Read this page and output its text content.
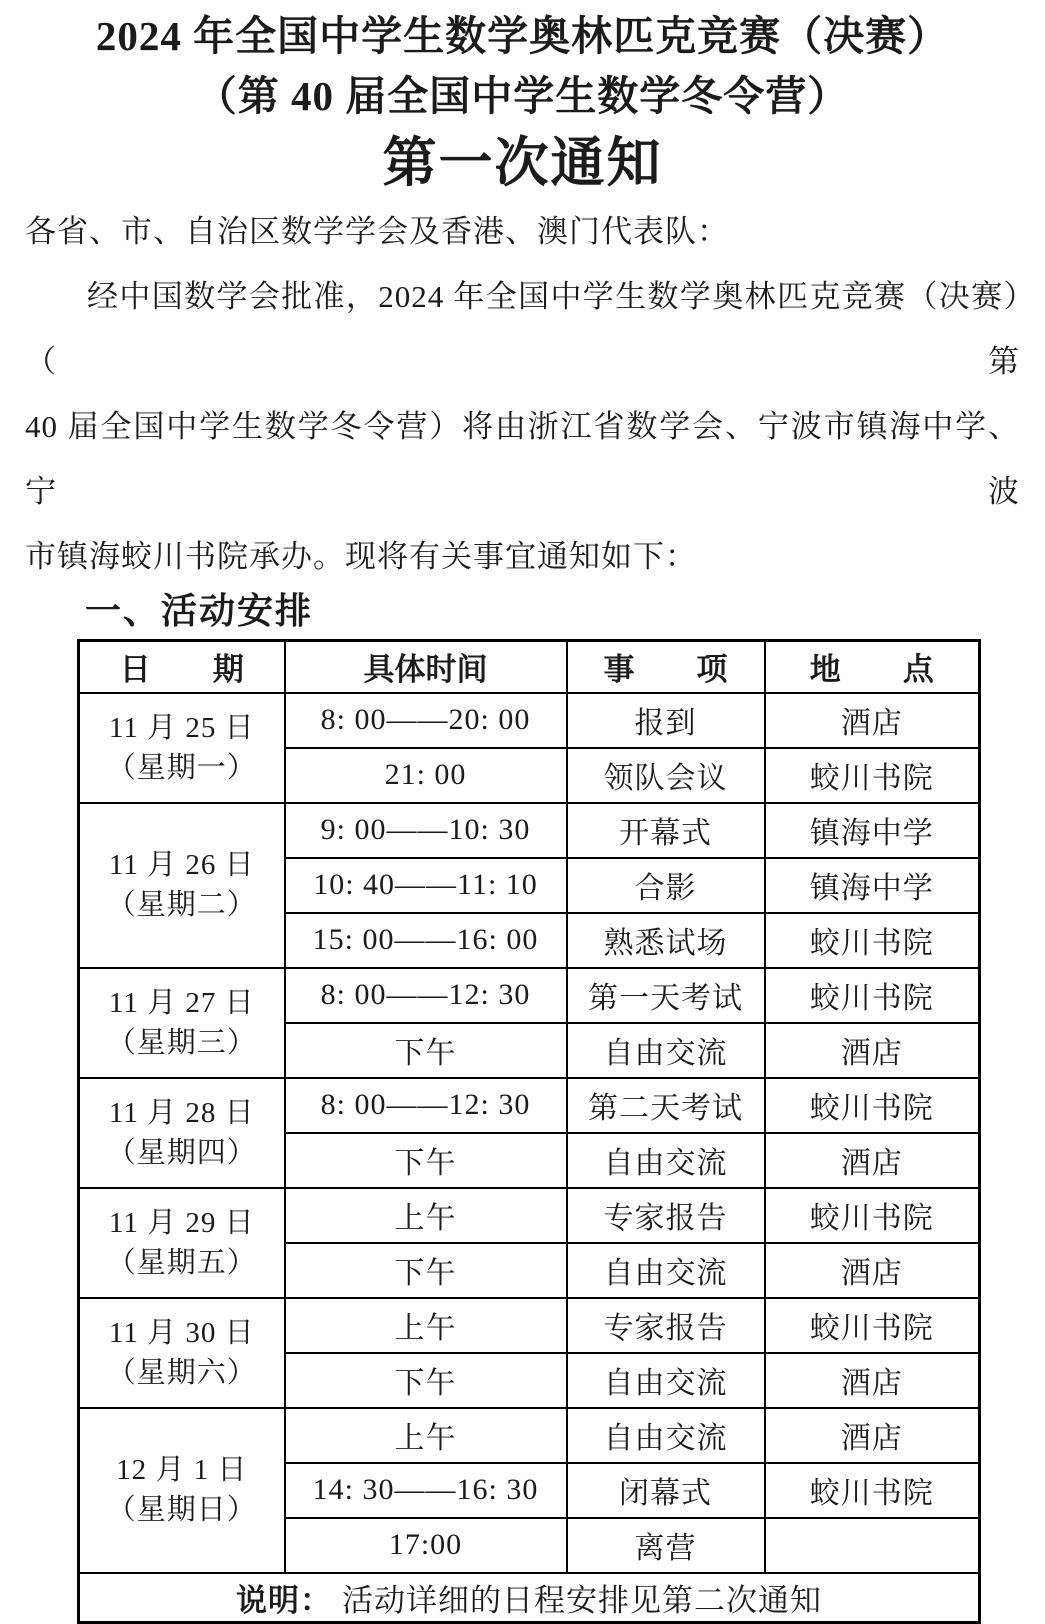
2024 年全国中学生数学奥林匹克竞赛（决赛）
（第 40 届全国中学生数学冬令营）
第一次通知
各省、市、自治区数学学会及香港、澳门代表队：
经中国数学会批准，2024 年全国中学生数学奥林匹克竞赛（决赛）（第
40 届全国中学生数学冬令营）将由浙江省数学会、宁波市镇海中学、宁波
市镇海蛟川书院承办。现将有关事宜通知如下：
一、活动安排
日　　期	具体时间	事　　项	地　　点

11 月 25 日
（星期一）	8: 00——20: 00	报到	酒店
	21: 00	领队会议	蛟川书院

11 月 26 日
（星期二）	9: 00——10: 30	开幕式	镇海中学
	10: 40——11: 10	合影	镇海中学
	15: 00——16: 00	熟悉试场	蛟川书院

11 月 27 日
（星期三）	8: 00——12: 30	第一天考试	蛟川书院
	下午	自由交流	酒店

11 月 28 日
（星期四）	8: 00——12: 30	第二天考试	蛟川书院
	下午	自由交流	酒店

11 月 29 日
（星期五）	上午	专家报告	蛟川书院
	下午	自由交流	酒店

11 月 30 日
（星期六）	上午	专家报告	蛟川书院
	下午	自由交流	酒店

12 月 1 日
（星期日）	上午	自由交流	酒店
	14: 30——16: 30	闭幕式	蛟川书院
	17:00	离营	
说明： 活动详细的日程安排见第二次通知			
